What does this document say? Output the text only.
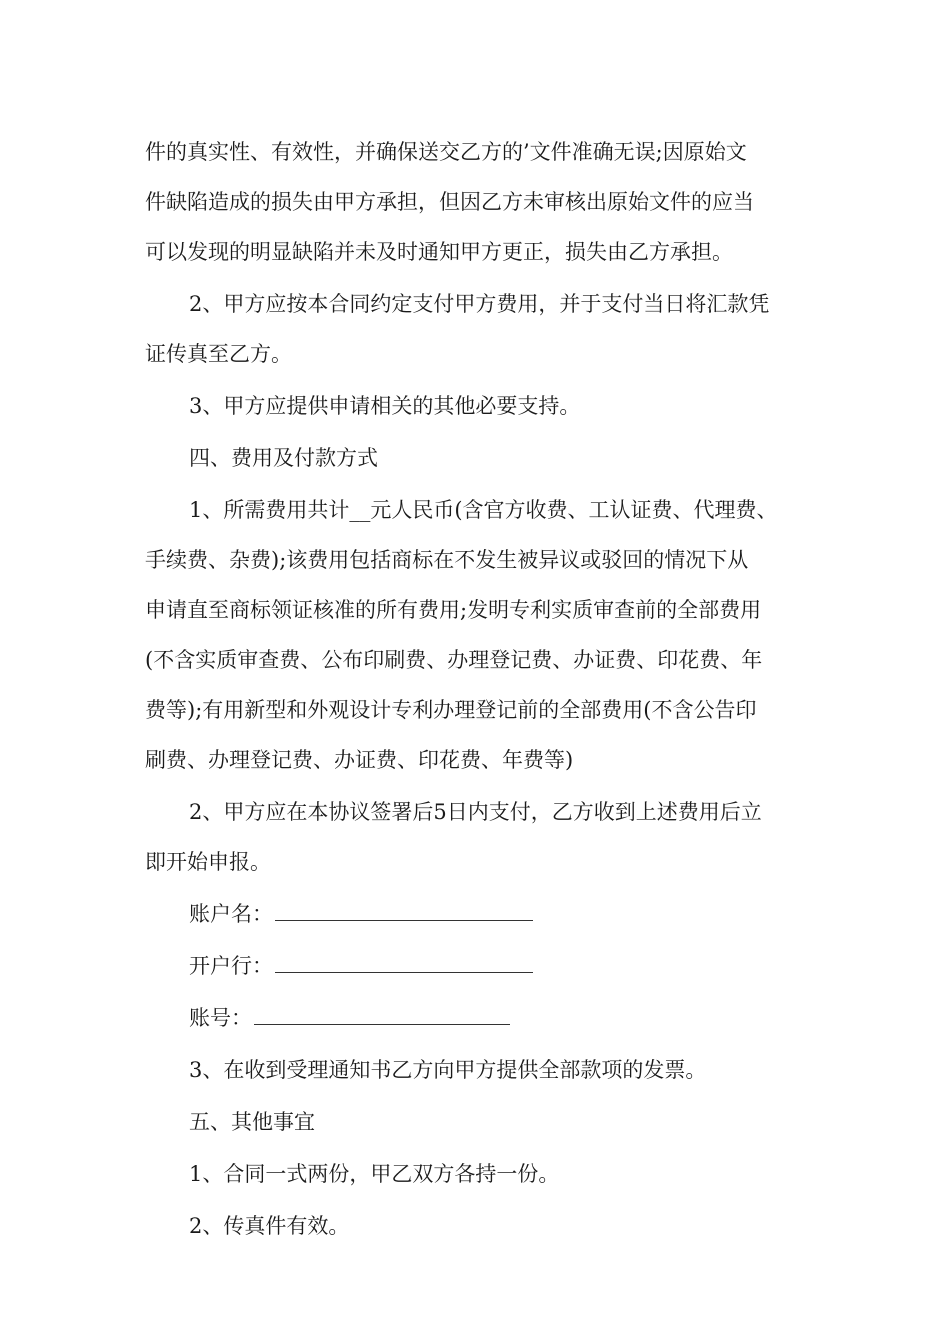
件的真实性、有效性，并确保送交乙方的’文件准确无误;因原始文
件缺陷造成的损失由甲方承担，但因乙方未审核出原始文件的应当
可以发现的明显缺陷并未及时通知甲方更正，损失由乙方承担。
2、甲方应按本合同约定支付甲方费用，并于支付当日将汇款凭
证传真至乙方。
3、甲方应提供申请相关的其他必要支持。
四、费用及付款方式
1、所需费用共计__元人民币(含官方收费、工认证费、代理费、
手续费、杂费);该费用包括商标在不发生被异议或驳回的情况下从
申请直至商标领证核准的所有费用;发明专利实质审查前的全部费用
(不含实质审查费、公布印刷费、办理登记费、办证费、印花费、年
费等);有用新型和外观设计专利办理登记前的全部费用(不含公告印
刷费、办理登记费、办证费、印花费、年费等)
2、甲方应在本协议签署后5日内支付，乙方收到上述费用后立
即开始申报。
账户名：
开户行：
账号：
3、在收到受理通知书乙方向甲方提供全部款项的发票。
五、其他事宜
1、合同一式两份，甲乙双方各持一份。
2、传真件有效。
